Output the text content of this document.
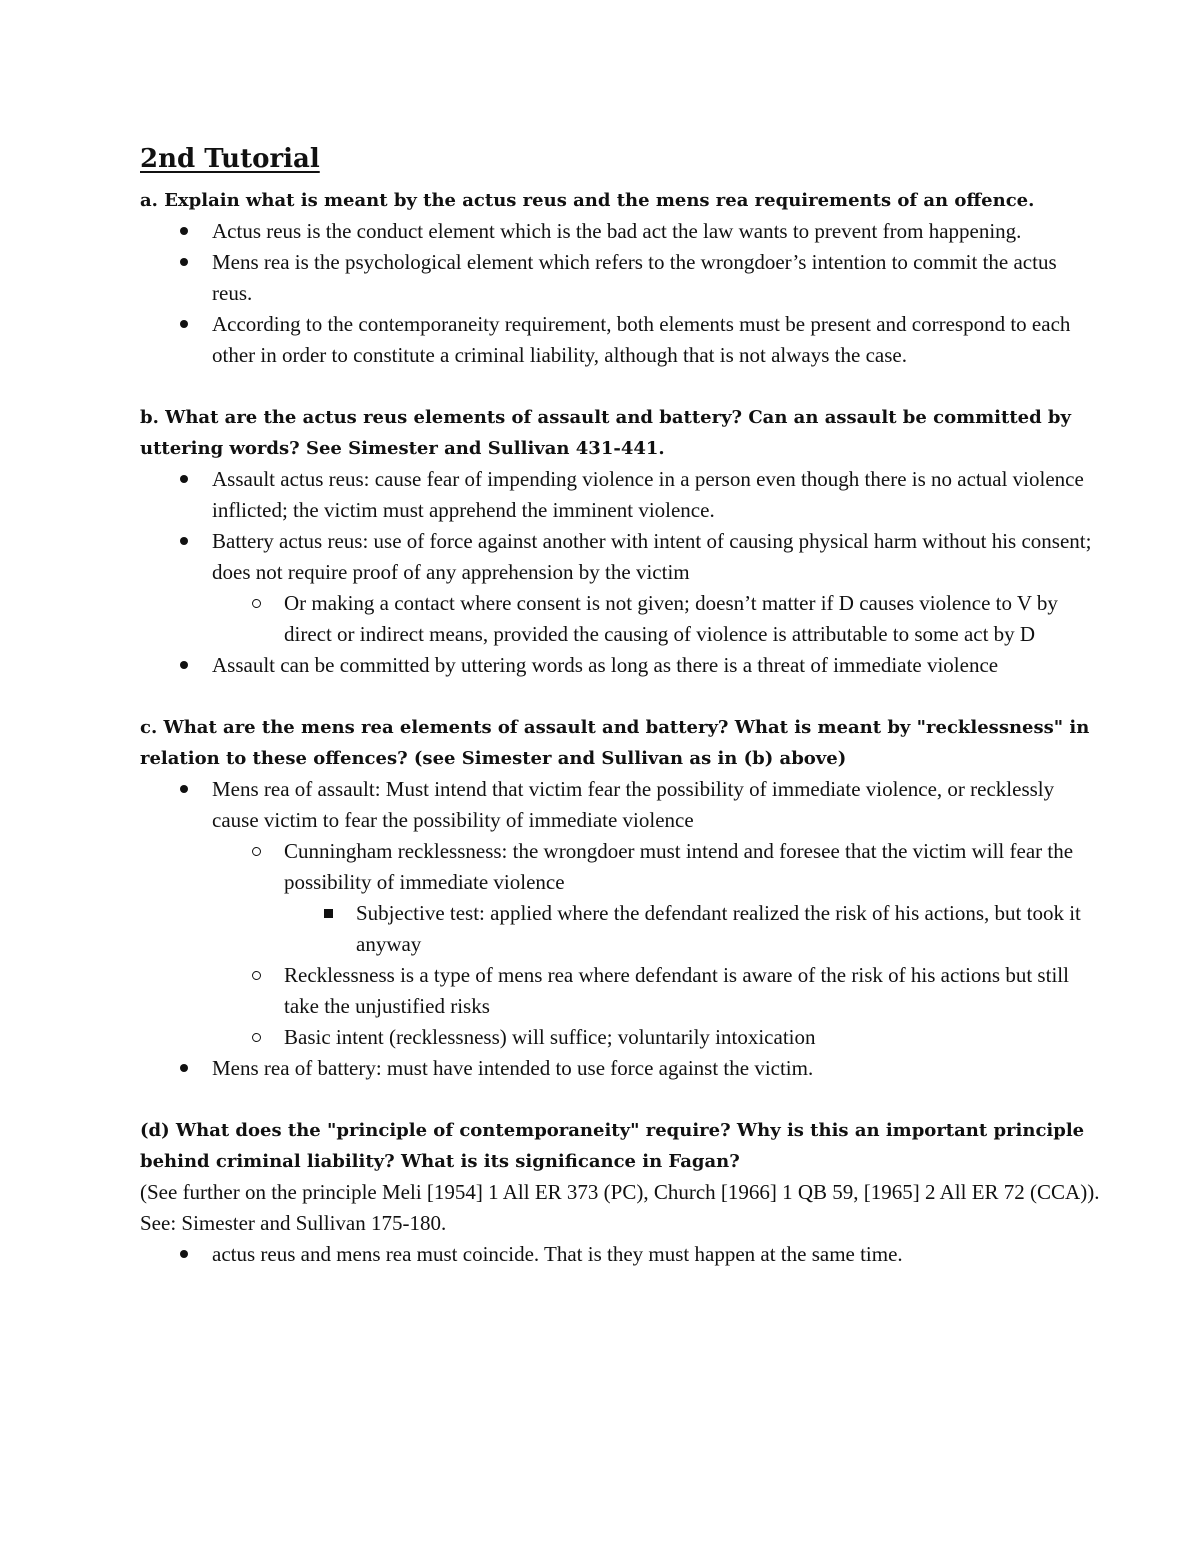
2nd Tutorial

a. Explain what is meant by the actus reus and the mens rea requirements of an offence.

Actus reus is the conduct element which is the bad act the law wants to prevent from happening.
Mens rea is the psychological element which refers to the wrongdoer’s intention to commit the actus reus.
According to the contemporaneity requirement, both elements must be present and correspond to each other in order to constitute a criminal liability, although that is not always the case.

b. What are the actus reus elements of assault and battery? Can an assault be committed by uttering words? See Simester and Sullivan 431-441.

Assault actus reus: cause fear of impending violence in a person even though there is no actual violence inflicted; the victim must apprehend the imminent violence.
Battery actus reus: use of force against another with intent of causing physical harm without his consent; does not require proof of any apprehension by the victim
Or making a contact where consent is not given; doesn’t matter if D causes violence to V by direct or indirect means, provided the causing of violence is attributable to some act by D
Assault can be committed by uttering words as long as there is a threat of immediate violence

c. What are the mens rea elements of assault and battery? What is meant by "recklessness" in relation to these offences? (see Simester and Sullivan as in (b) above)

Mens rea of assault: Must intend that victim fear the possibility of immediate violence, or recklessly cause victim to fear the possibility of immediate violence
Cunningham recklessness: the wrongdoer must intend and foresee that the victim will fear the possibility of immediate violence
Subjective test: applied where the defendant realized the risk of his actions, but took it anyway
Recklessness is a type of mens rea where defendant is aware of the risk of his actions but still take the unjustified risks
Basic intent (recklessness) will suffice; voluntarily intoxication
Mens rea of battery: must have intended to use force against the victim.

(d) What does the "principle of contemporaneity" require? Why is this an important principle behind criminal liability? What is its significance in Fagan?

(See further on the principle Meli [1954] 1 All ER 373 (PC), Church [1966] 1 QB 59, [1965] 2 All ER 72 (CCA)). See: Simester and Sullivan 175-180.

actus reus and mens rea must coincide. That is they must happen at the same time.
